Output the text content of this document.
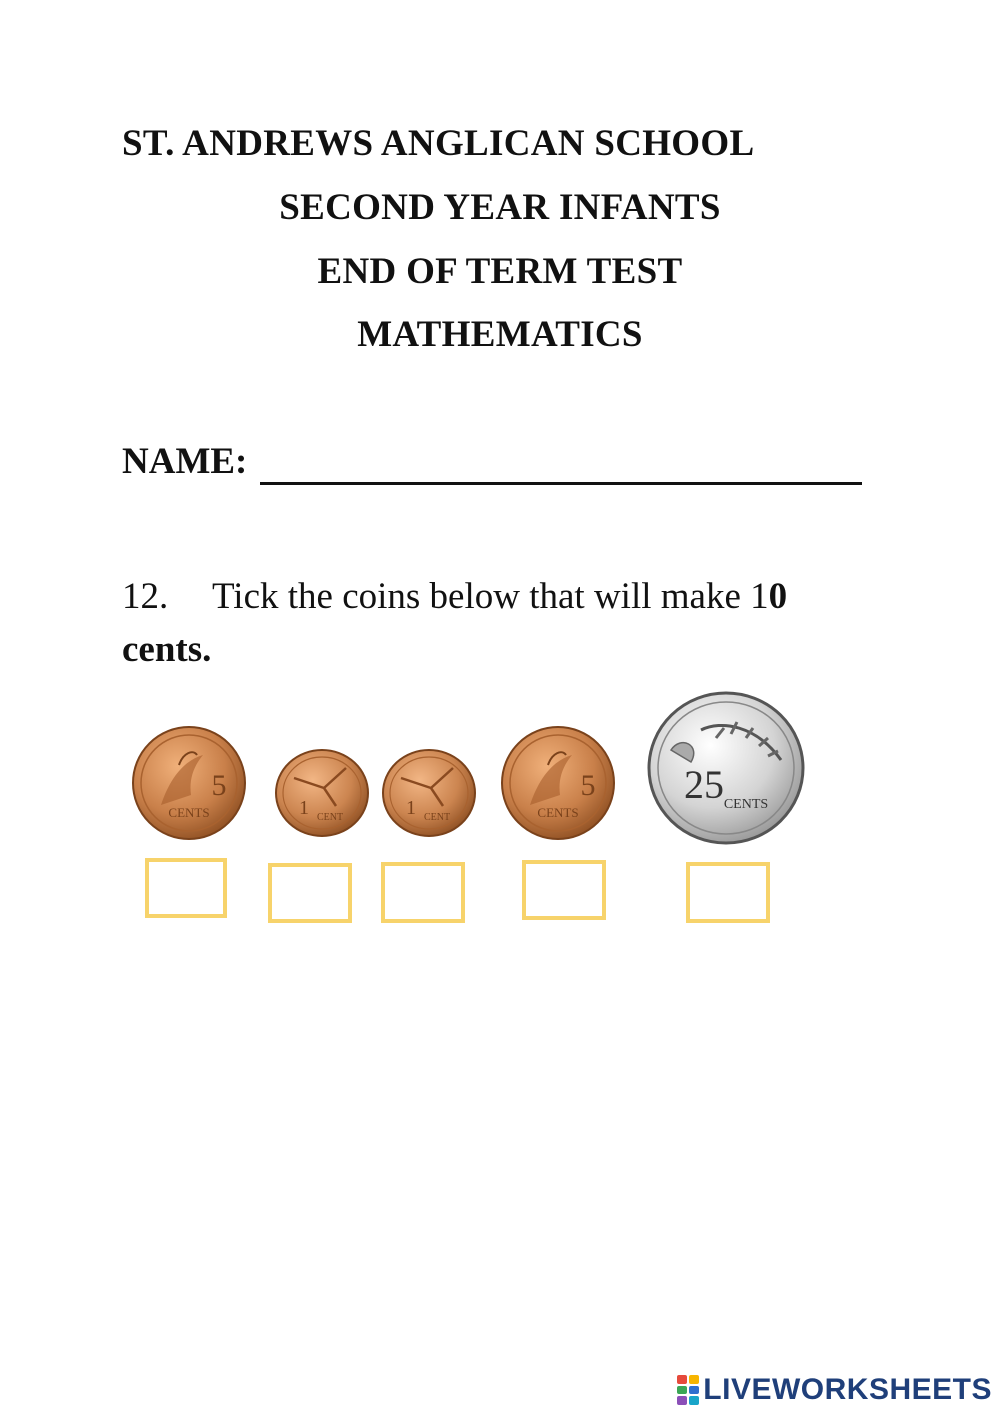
ST. ANDREWS ANGLICAN SCHOOL
SECOND YEAR INFANTS
END OF TERM TEST
MATHEMATICS
NAME:
12. Tick the coins below that will make 10
cents.
5
CENTS	1 CENT	1 CENT
5
CENTS
25 CENTS
LIVEWORKSHEETS
